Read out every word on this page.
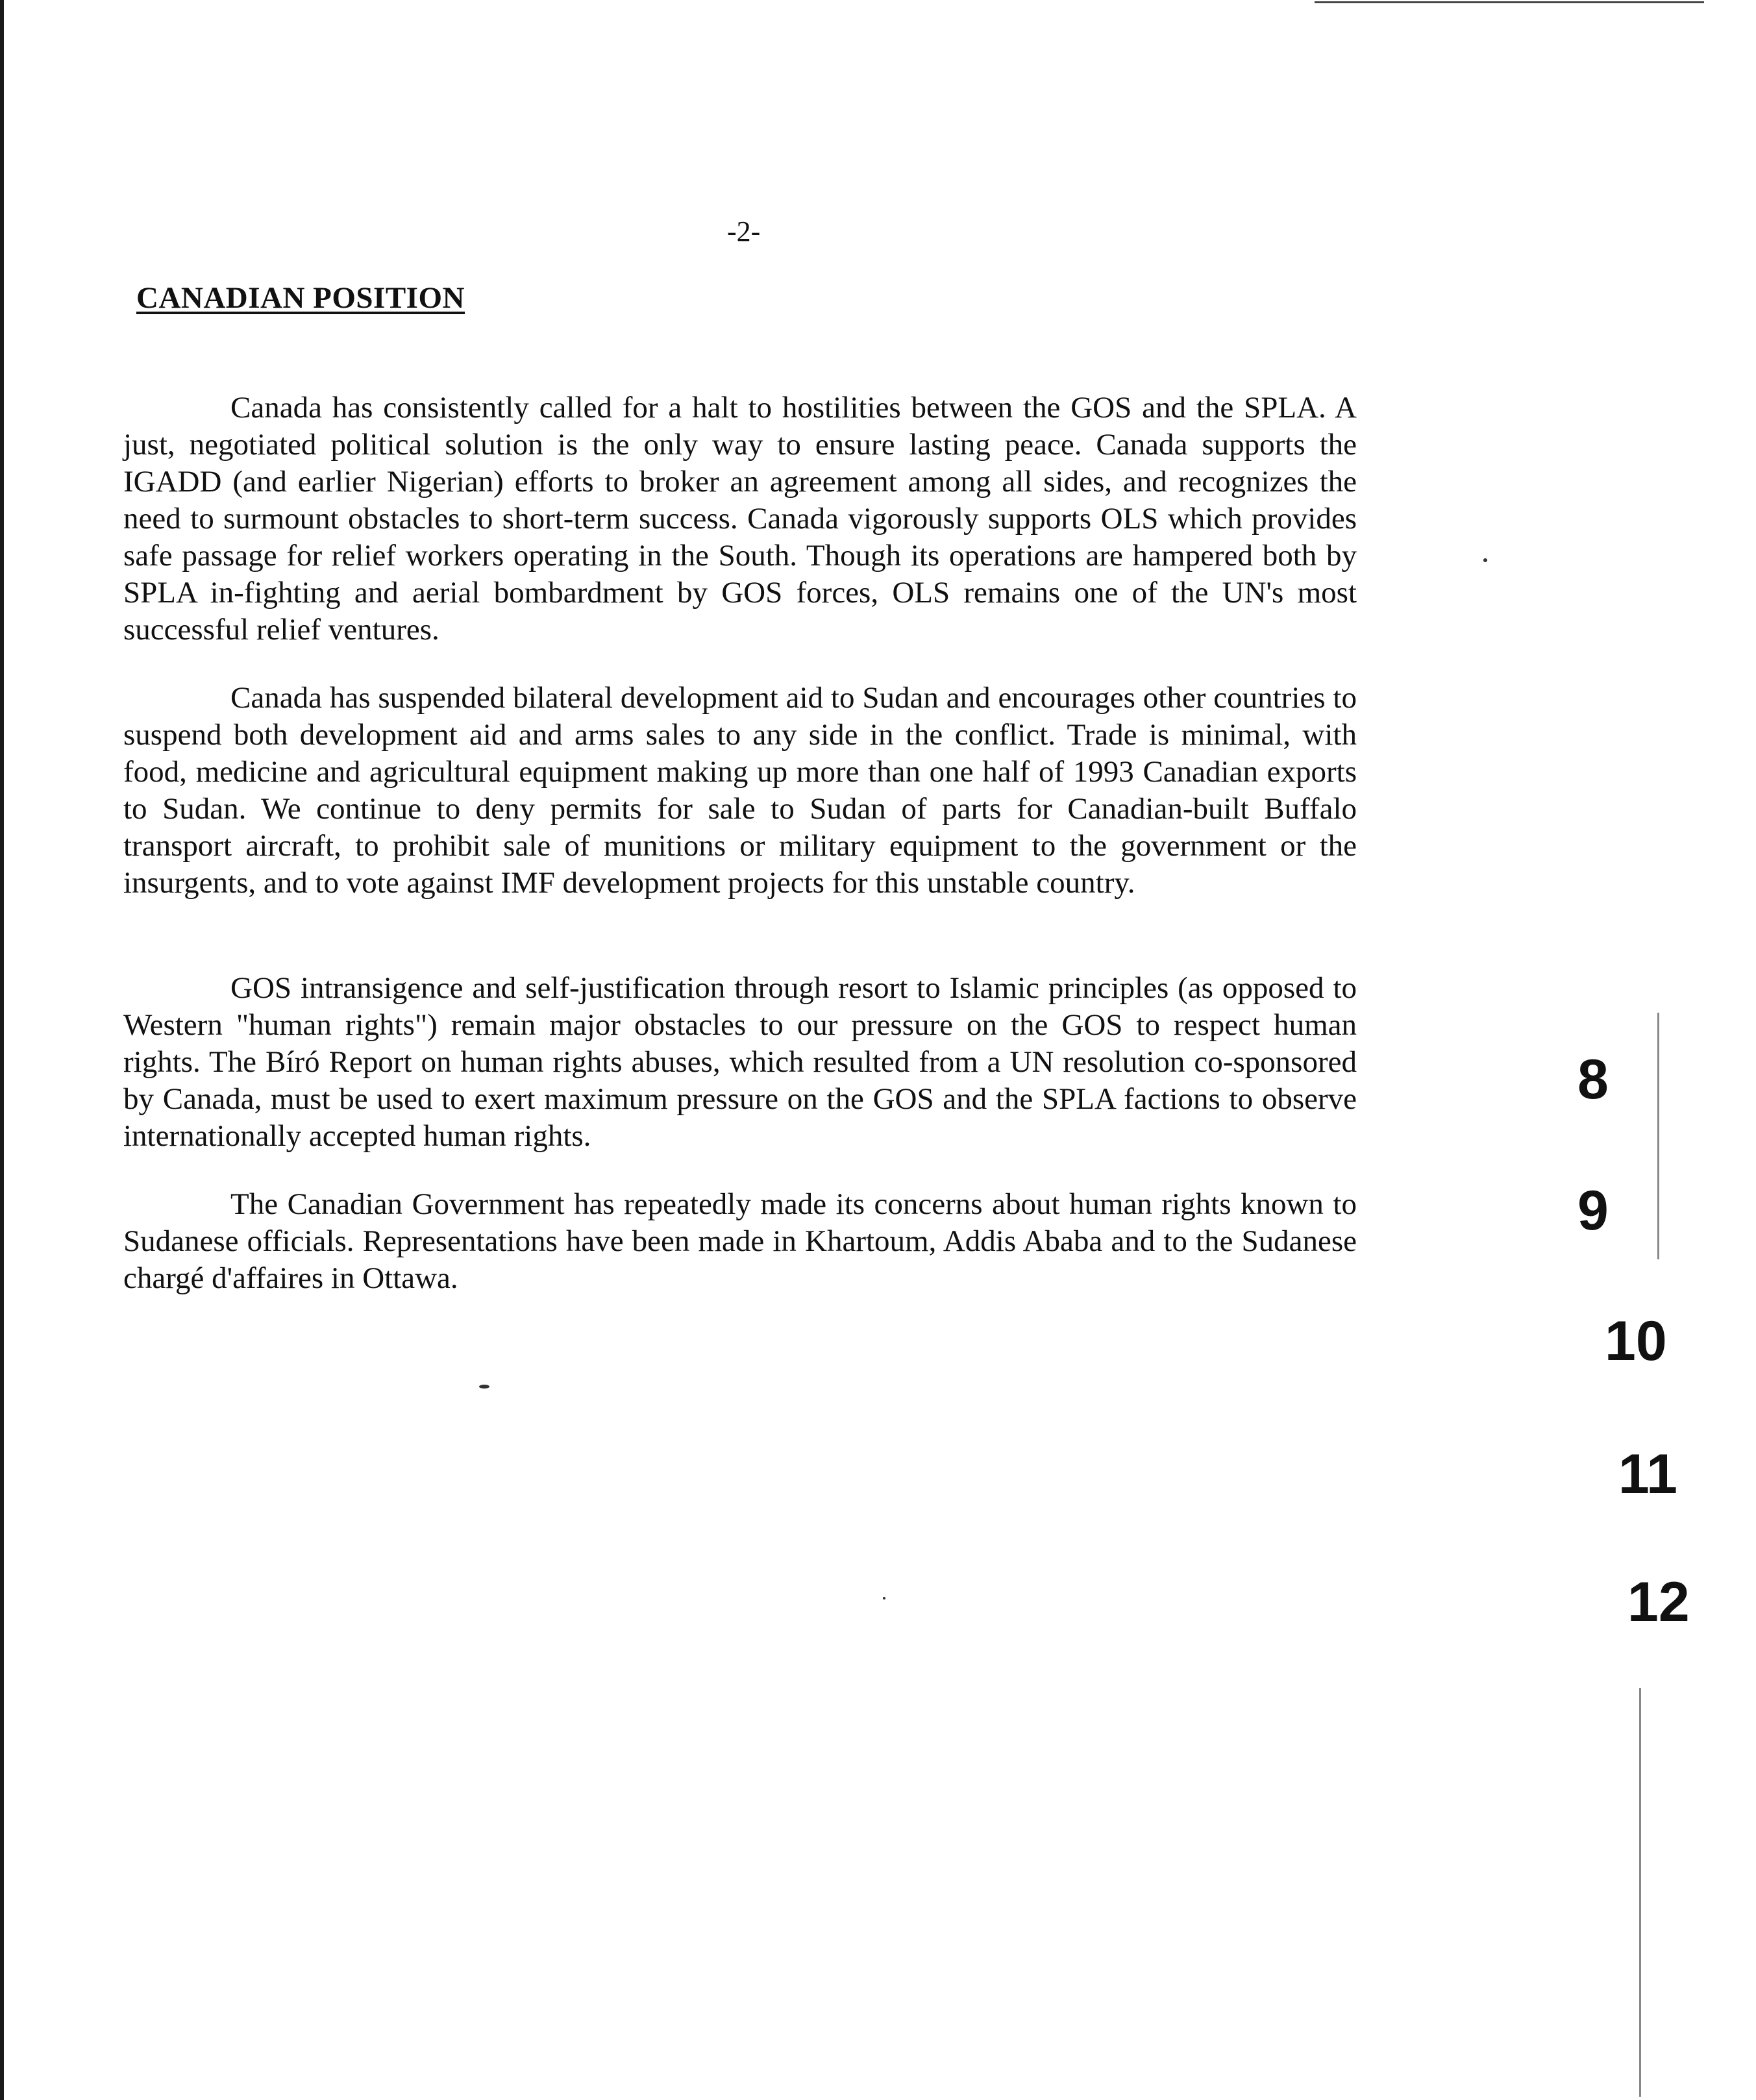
-2-
CANADIAN POSITION

Canada has consistently called for a halt to hostilities between the GOS and the SPLA. A just, negotiated political solution is the only way to ensure lasting peace. Canada supports the IGADD (and earlier Nigerian) efforts to broker an agreement among all sides, and recognizes the need to surmount obstacles to short-term success. Canada vigorously supports OLS which provides safe passage for relief workers operating in the South. Though its operations are hampered both by SPLA in-fighting and aerial bombardment by GOS forces, OLS remains one of the UN's most successful relief ventures.

Canada has suspended bilateral development aid to Sudan and encourages other countries to suspend both development aid and arms sales to any side in the conflict. Trade is minimal, with food, medicine and agricultural equipment making up more than one half of 1993 Canadian exports to Sudan. We continue to deny permits for sale to Sudan of parts for Canadian-built Buffalo transport aircraft, to prohibit sale of munitions or military equipment to the government or the insurgents, and to vote against IMF development projects for this unstable country.

GOS intransigence and self-justification through resort to Islamic principles (as opposed to Western "human rights") remain major obstacles to our pressure on the GOS to respect human rights. The Bíró Report on human rights abuses, which resulted from a UN resolution co-sponsored by Canada, must be used to exert maximum pressure on the GOS and the SPLA factions to observe internationally accepted human rights.

The Canadian Government has repeatedly made its concerns about human rights known to Sudanese officials. Representations have been made in Khartoum, Addis Ababa and to the Sudanese chargé d'affaires in Ottawa.

8
9
10
11
12
